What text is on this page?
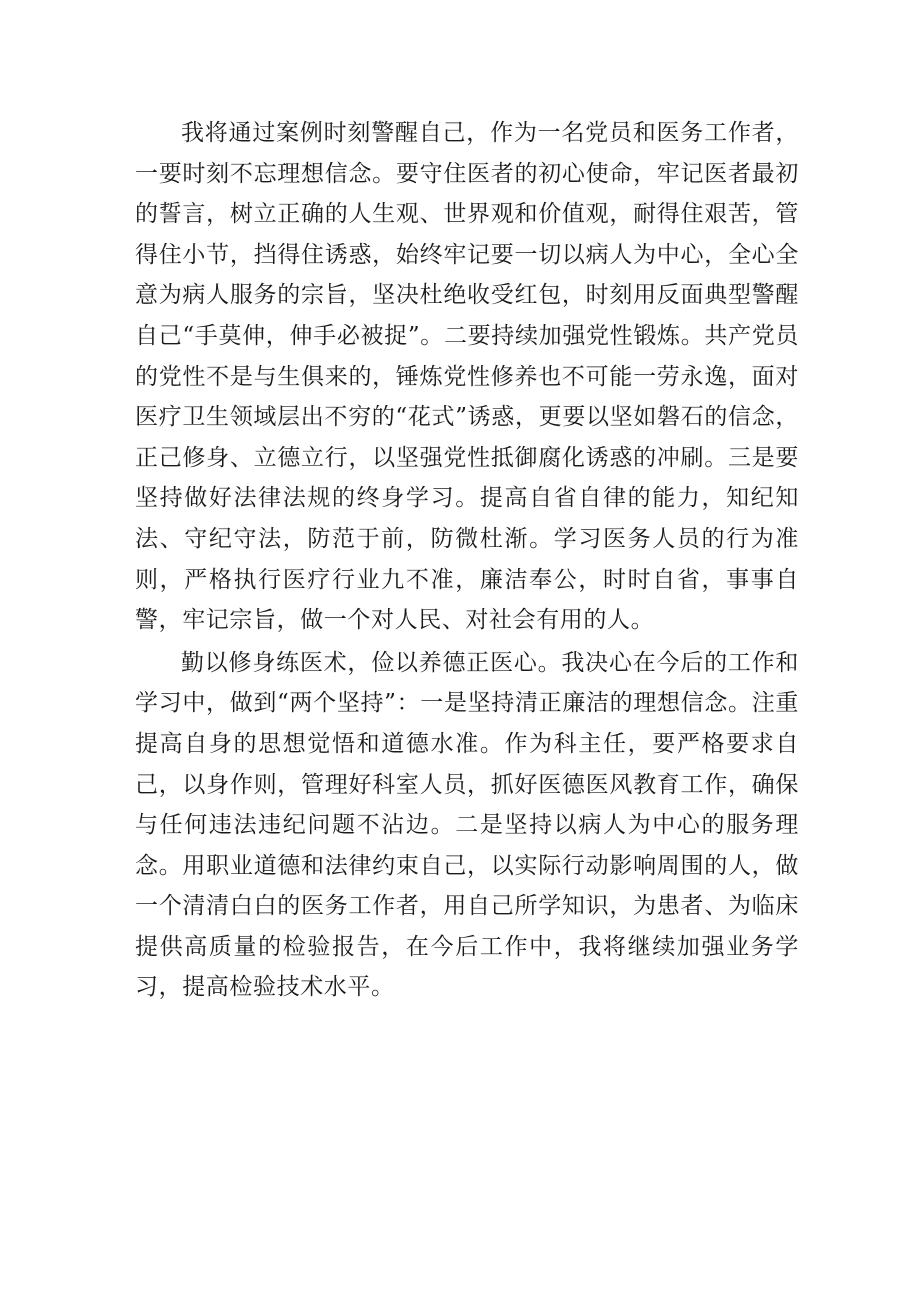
我将通过案例时刻警醒自己，作为一名党员和医务工作者，一要时刻不忘理想信念。要守住医者的初心使命，牢记医者最初的誓言，树立正确的人生观、世界观和价值观，耐得住艰苦，管得住小节，挡得住诱惑，始终牢记要一切以病人为中心，全心全意为病人服务的宗旨，坚决杜绝收受红包，时刻用反面典型警醒自己“手莫伸，伸手必被捉”。二要持续加强党性锻炼。共产党员的党性不是与生俱来的，锤炼党性修养也不可能一劳永逸，面对医疗卫生领域层出不穷的“花式”诱惑，更要以坚如磐石的信念，正己修身、立德立行，以坚强党性抵御腐化诱惑的冲刷。三是要坚持做好法律法规的终身学习。提高自省自律的能力，知纪知法、守纪守法，防范于前，防微杜渐。学习医务人员的行为准则，严格执行医疗行业九不准，廉洁奉公，时时自省，事事自警，牢记宗旨，做一个对人民、对社会有用的人。

勤以修身练医术，俭以养德正医心。我决心在今后的工作和学习中，做到“两个坚持”：一是坚持清正廉洁的理想信念。注重提高自身的思想觉悟和道德水准。作为科主任，要严格要求自己，以身作则，管理好科室人员，抓好医德医风教育工作，确保与任何违法违纪问题不沾边。二是坚持以病人为中心的服务理念。用职业道德和法律约束自己，以实际行动影响周围的人，做一个清清白白的医务工作者，用自己所学知识，为患者、为临床提供高质量的检验报告，在今后工作中，我将继续加强业务学习，提高检验技术水平。
